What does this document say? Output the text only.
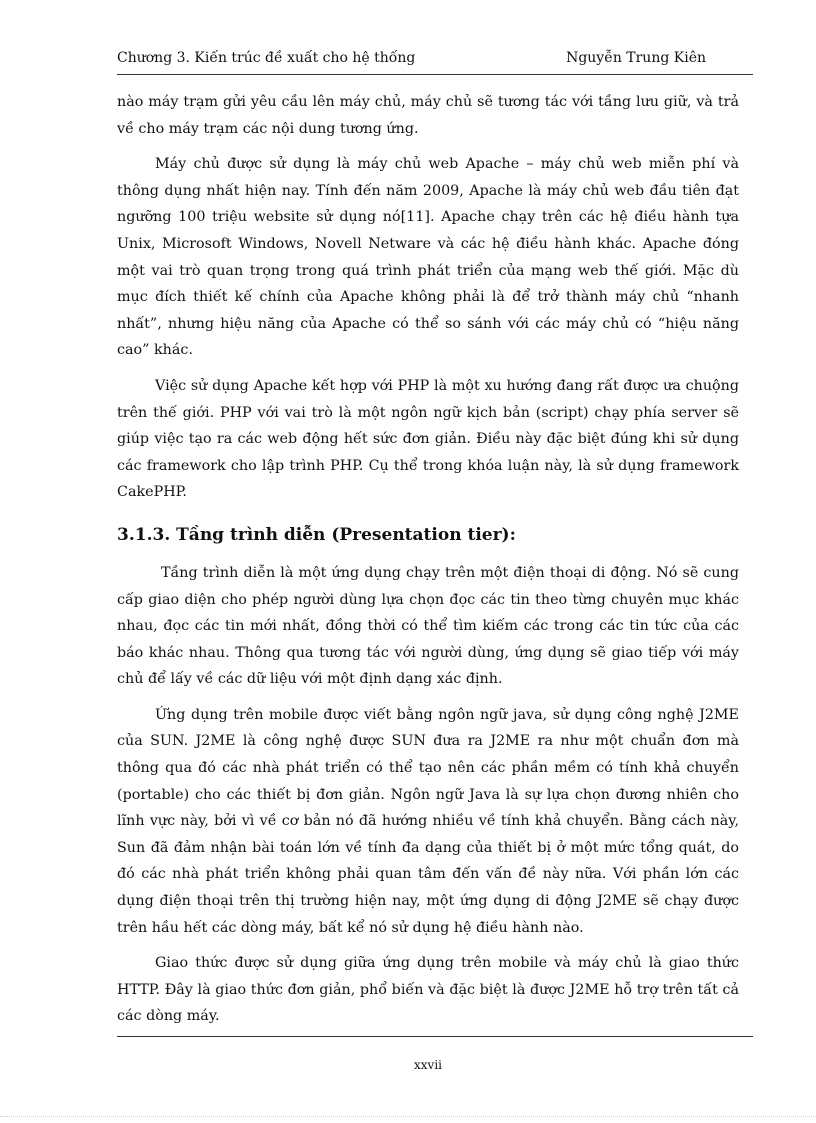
Chương 3. Kiến trúc đề xuất cho hệ thống	Nguyễn Trung Kiên

nào máy trạm gửi yêu cầu lên máy chủ, máy chủ sẽ tương tác với tầng lưu giữ, và trả về cho máy trạm các nội dung tương ứng.

Máy chủ được sử dụng là máy chủ web Apache – máy chủ web miễn phí và thông dụng nhất hiện nay. Tính đến năm 2009, Apache là máy chủ web đầu tiên đạt ngưỡng 100 triệu website sử dụng nó[11]. Apache chạy trên các hệ điều hành tựa Unix, Microsoft Windows, Novell Netware và các hệ điều hành khác. Apache đóng một vai trò quan trọng trong quá trình phát triển của mạng web thế giới. Mặc dù mục đích thiết kế chính của Apache không phải là để trở thành máy chủ “nhanh nhất”, nhưng hiệu năng của Apache có thể so sánh với các máy chủ có “hiệu năng cao” khác.

Việc sử dụng Apache kết hợp với PHP là một xu hướng đang rất được ưa chuộng trên thế giới. PHP với vai trò là một ngôn ngữ kịch bản (script) chạy phía server sẽ giúp việc tạo ra các web động hết sức đơn giản. Điều này đặc biệt đúng khi sử dụng các framework cho lập trình PHP. Cụ thể trong khóa luận này, là sử dụng framework CakePHP.

3.1.3. Tầng trình diễn (Presentation tier):

Tầng trình diễn là một ứng dụng chạy trên một điện thoại di động. Nó sẽ cung cấp giao diện cho phép người dùng lựa chọn đọc các tin theo từng chuyên mục khác nhau, đọc các tin mới nhất, đồng thời có thể tìm kiếm các trong các tin tức của các báo khác nhau. Thông qua tương tác với người dùng, ứng dụng sẽ giao tiếp với máy chủ để lấy về các dữ liệu với một định dạng xác định.

Ứng dụng trên mobile được viết bằng ngôn ngữ java, sử dụng công nghệ J2ME của SUN. J2ME là công nghệ được SUN đưa ra J2ME ra như một chuẩn đơn mà thông qua đó các nhà phát triển có thể tạo nên các phần mềm có tính khả chuyển (portable) cho các thiết bị đơn giản. Ngôn ngữ Java là sự lựa chọn đương nhiên cho lĩnh vực này, bởi vì về cơ bản nó đã hướng nhiều về tính khả chuyển. Bằng cách này, Sun đã đảm nhận bài toán lớn về tính đa dạng của thiết bị ở một mức tổng quát, do đó các nhà phát triển không phải quan tâm đến vấn đề này nữa. Với phần lớn các dụng điện thoại trên thị trường hiện nay, một ứng dụng di động J2ME sẽ chạy được trên hầu hết các dòng máy, bất kể nó sử dụng hệ điều hành nào.

Giao thức được sử dụng giữa ứng dụng trên mobile và máy chủ là giao thức HTTP. Đây là giao thức đơn giản, phổ biến và đặc biệt là được J2ME hỗ trợ trên tất cả các dòng máy.

xxvii
